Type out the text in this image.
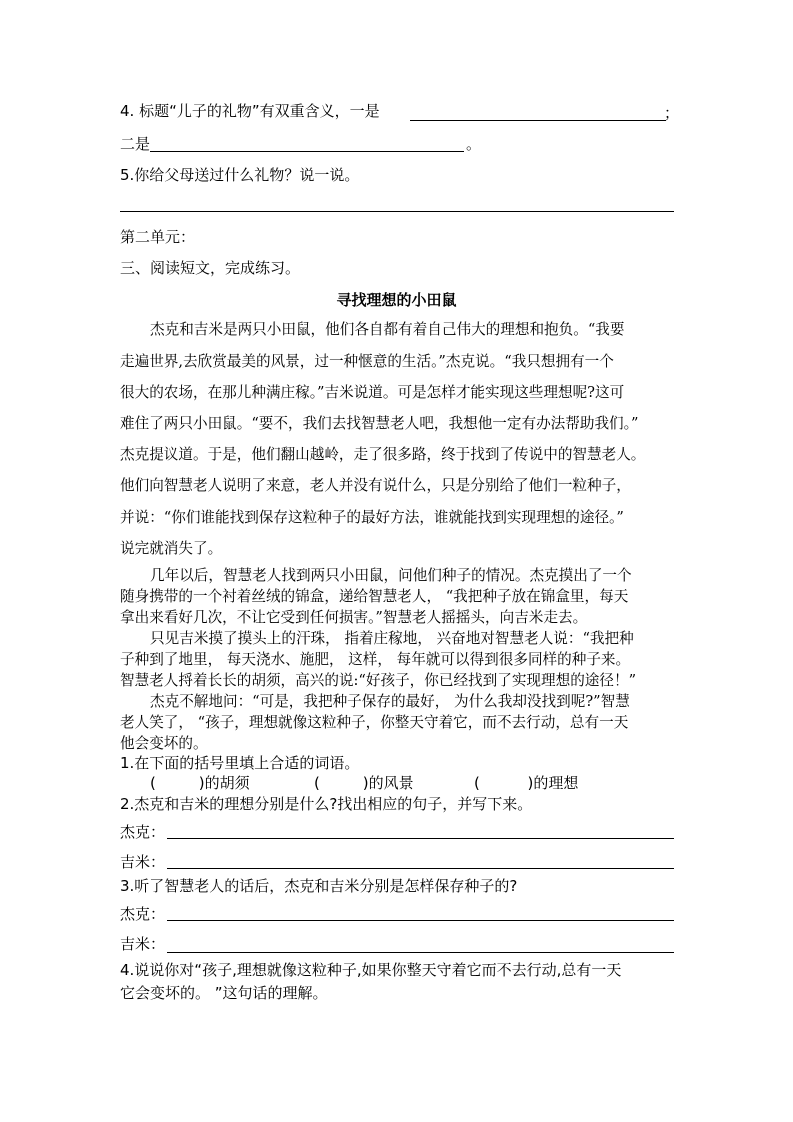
4. 标题“儿子的礼物”有双重含义，一是	；
二是	。
5.你给父母送过什么礼物？说一说。
第二单元：
三、阅读短文，完成练习。
寻找理想的小田鼠

杰克和吉米是两只小田鼠，他们各自都有着自己伟大的理想和抱负。“我要

走遍世界,去欣赏最美的风景，过一种惬意的生活。”杰克说。“我只想拥有一个

很大的农场，在那儿种满庄稼。”吉米说道。可是怎样才能实现这些理想呢?这可

难住了两只小田鼠。“要不，我们去找智慧老人吧，我想他一定有办法帮助我们。”

杰克提议道。于是，他们翻山越岭，走了很多路，终于找到了传说中的智慧老人。

他们向智慧老人说明了来意，老人并没有说什么，只是分别给了他们一粒种子，

并说：“你们谁能找到保存这粒种子的最好方法，谁就能找到实现理想的途径。”

说完就消失了。

几年以后，智慧老人找到两只小田鼠，问他们种子的情况。杰克摸出了一个

随身携带的一个衬着丝绒的锦盒，递给智慧老人， “我把种子放在锦盒里，每天

拿出来看好几次，不让它受到任何损害。”智慧老人摇摇头，向吉米走去。

只见吉米摸了摸头上的汗珠， 指着庄稼地， 兴奋地对智慧老人说：“我把种

子种到了地里， 每天浇水、施肥， 这样， 每年就可以得到很多同样的种子来。

智慧老人捋着长长的胡须，高兴的说:“好孩子，你已经找到了实现理想的途径！”

杰克不解地问：“可是，我把种子保存的最好， 为什么我却没找到呢?”智慧

老人笑了， “孩子，理想就像这粒种子，你整天守着它，而不去行动，总有一天

他会变坏的。

1.在下面的括号里填上合适的词语。
(         )的胡须	(         )的风景	(          )的理想
2.杰克和吉米的理想分别是什么?找出相应的句子，并写下来。
杰克：
吉米：
3.听了智慧老人的话后，杰克和吉米分别是怎样保存种子的?
杰克：
吉米：
4.说说你对“孩子,理想就像这粒种子,如果你整天守着它而不去行动,总有一天
它会变坏的。 ”这句话的理解。
